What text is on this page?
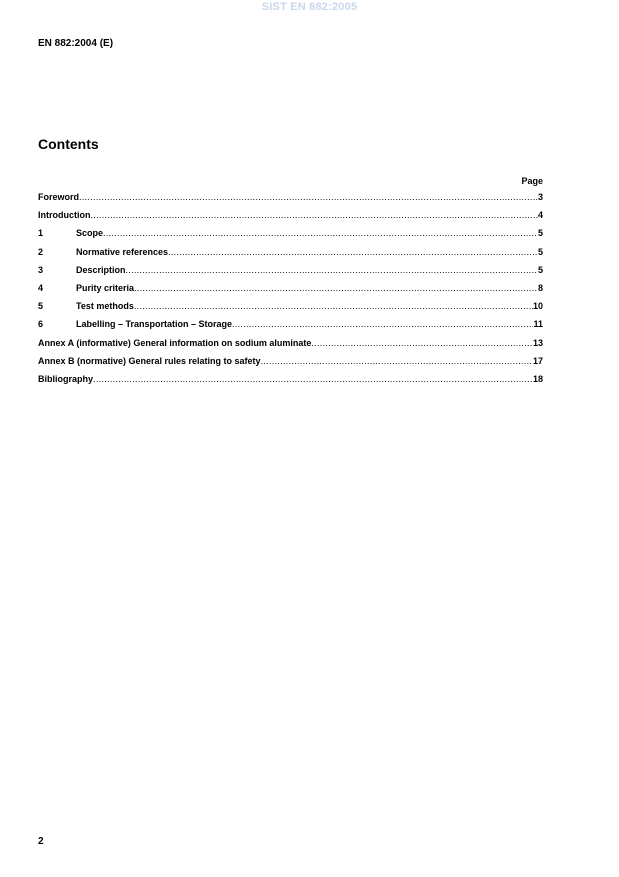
SIST EN 882:2005
EN 882:2004 (E)
Contents
Page
Foreword .....	3
Introduction .....	4
1	Scope .....	5
2	Normative references .....	5
3	Description .....	5
4	Purity criteria .....	8
5	Test methods .....	10
6	Labelling – Transportation – Storage .....	11
Annex A (informative) General information on sodium aluminate .....	13
Annex B (normative) General rules relating to safety .....	17
Bibliography .....	18
2
